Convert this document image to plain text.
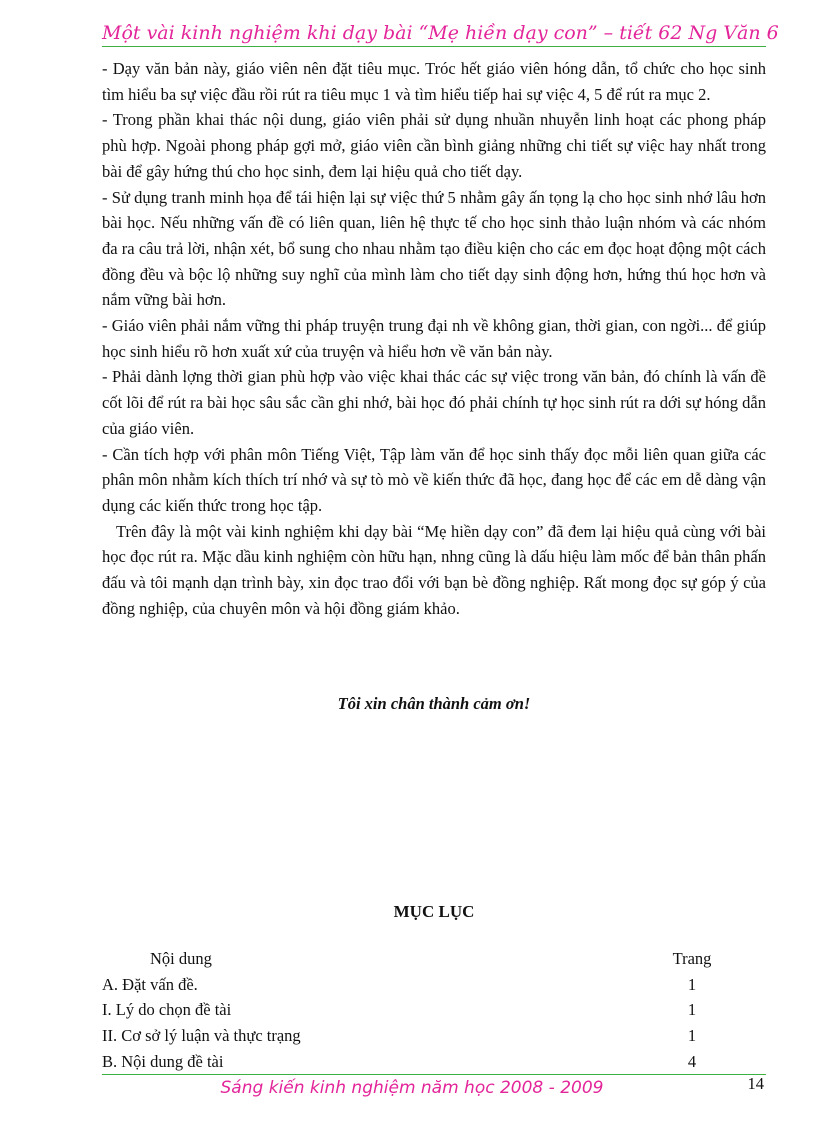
Một vài kinh nghiệm khi dạy bài “Mẹ hiền dạy con” – tiết 62 Ng Văn 6

- Dạy văn bản này, giáo viên nên đặt tiêu mục. Tróc hết giáo viên hóng dẫn, tổ chức cho học sinh tìm hiểu ba sự việc đầu rồi rút ra tiêu mục 1 và tìm hiểu tiếp hai sự việc 4, 5 để rút ra mục 2.

- Trong phần khai thác nội dung, giáo viên phải sử dụng nhuần nhuyễn linh hoạt các phong pháp phù hợp. Ngoài phong pháp gợi mở, giáo viên cần bình giảng những chi tiết sự việc hay nhất trong bài để gây hứng thú cho học sinh, đem lại hiệu quả cho tiết dạy.

- Sử dụng tranh minh họa để tái hiện lại sự việc thứ 5 nhằm gây ấn tọng lạ cho học sinh nhớ lâu hơn bài học. Nếu những vấn đề có liên quan, liên hệ thực tế cho học sinh thảo luận nhóm và các nhóm đa ra câu trả lời, nhận xét, bổ sung cho nhau nhằm tạo điều kiện cho các em đọc hoạt động một cách đồng đều và bộc lộ những suy nghĩ của mình làm cho tiết dạy sinh động hơn, hứng thú học hơn và nắm vững bài hơn.

- Giáo viên phải nắm vững thi pháp truyện trung đại nh về không gian, thời gian, con ngời... để giúp học sinh hiểu rõ hơn xuất xứ của truyện và hiểu hơn về văn bản này.

- Phải dành lợng thời gian phù hợp vào việc khai thác các sự việc trong văn bản, đó chính là vấn đề cốt lõi để rút ra bài học sâu sắc cần ghi nhớ, bài học đó phải chính tự học sinh rút ra dới sự hóng dẫn của giáo viên.

- Cần tích hợp với phân môn Tiếng Việt, Tập làm văn để học sinh thấy đọc mỗi liên quan giữa các phân môn nhằm kích thích trí nhớ và sự tò mò về kiến thức đã học, đang học để các em dễ dàng vận dụng các kiến thức trong học tập.

Trên đây là một vài kinh nghiệm khi dạy bài “Mẹ hiền dạy con” đã đem lại hiệu quả cùng với bài học đọc rút ra. Mặc dầu kinh nghiệm còn hữu hạn, nhng cũng là dấu hiệu làm mốc để bản thân phấn đấu và tôi mạnh dạn trình bày, xin đọc trao đổi với bạn bè đồng nghiệp. Rất mong đọc sự góp ý của đồng nghiệp, của chuyên môn và hội đồng giám khảo.

Tôi xin chân thành cảm ơn!
MỤC LỤC
Nội dung	Trang
A. Đặt vấn đề.	1
I. Lý do chọn đề tài	1
II. Cơ sở lý luận và thực trạng	1
B. Nội dung đề tài	4
Sáng kiến kinh nghiệm năm học 2008 - 2009	14
